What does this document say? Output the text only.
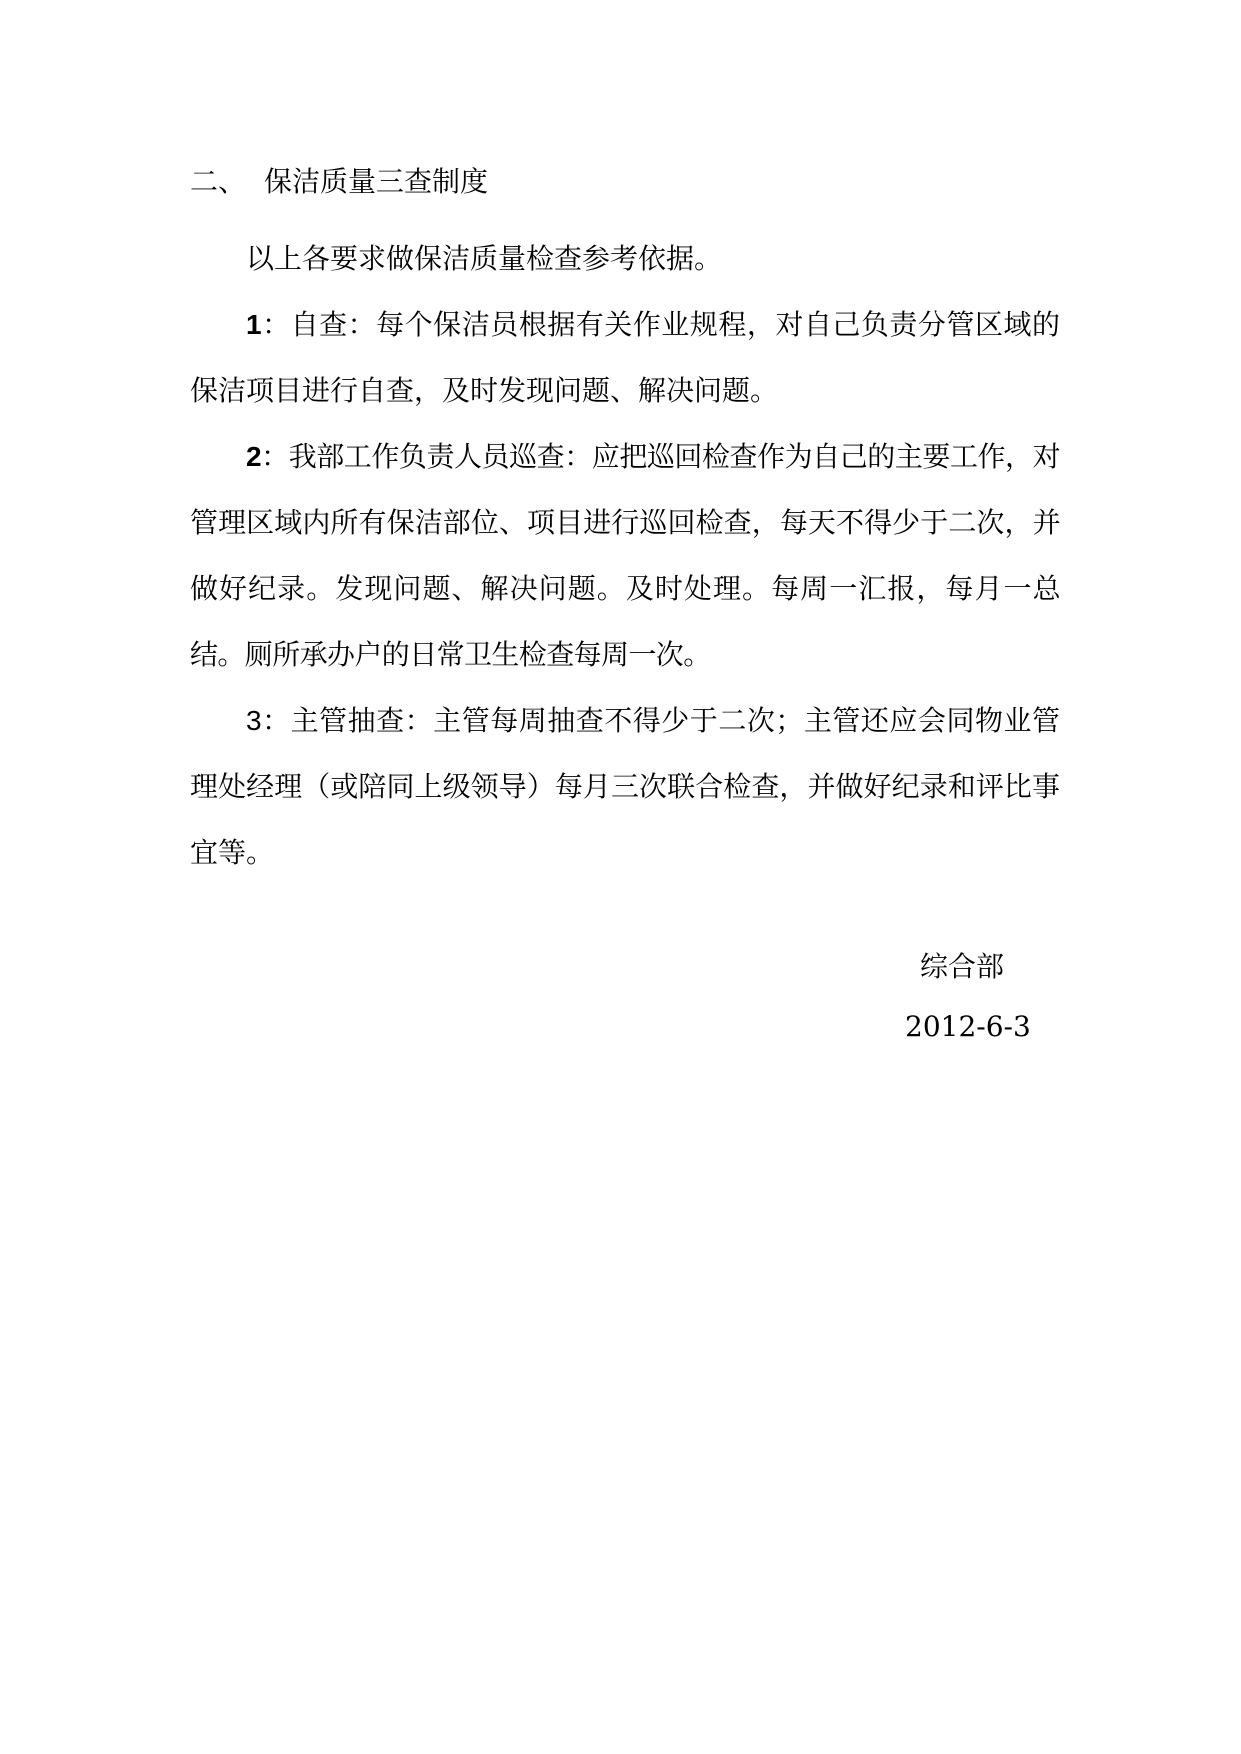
二、 保洁质量三查制度

以上各要求做保洁质量检查参考依据。

1：自查：每个保洁员根据有关作业规程，对自己负责分管区域的保洁项目进行自查，及时发现问题、解决问题。

2：我部工作负责人员巡查：应把巡回检查作为自己的主要工作，对管理区域内所有保洁部位、项目进行巡回检查，每天不得少于二次，并做好纪录。发现问题、解决问题。及时处理。每周一汇报，每月一总结。厕所承办户的日常卫生检查每周一次。

3：主管抽查：主管每周抽查不得少于二次；主管还应会同物业管理处经理（或陪同上级领导）每月三次联合检查，并做好纪录和评比事宜等。

综合部
2012-6-3
